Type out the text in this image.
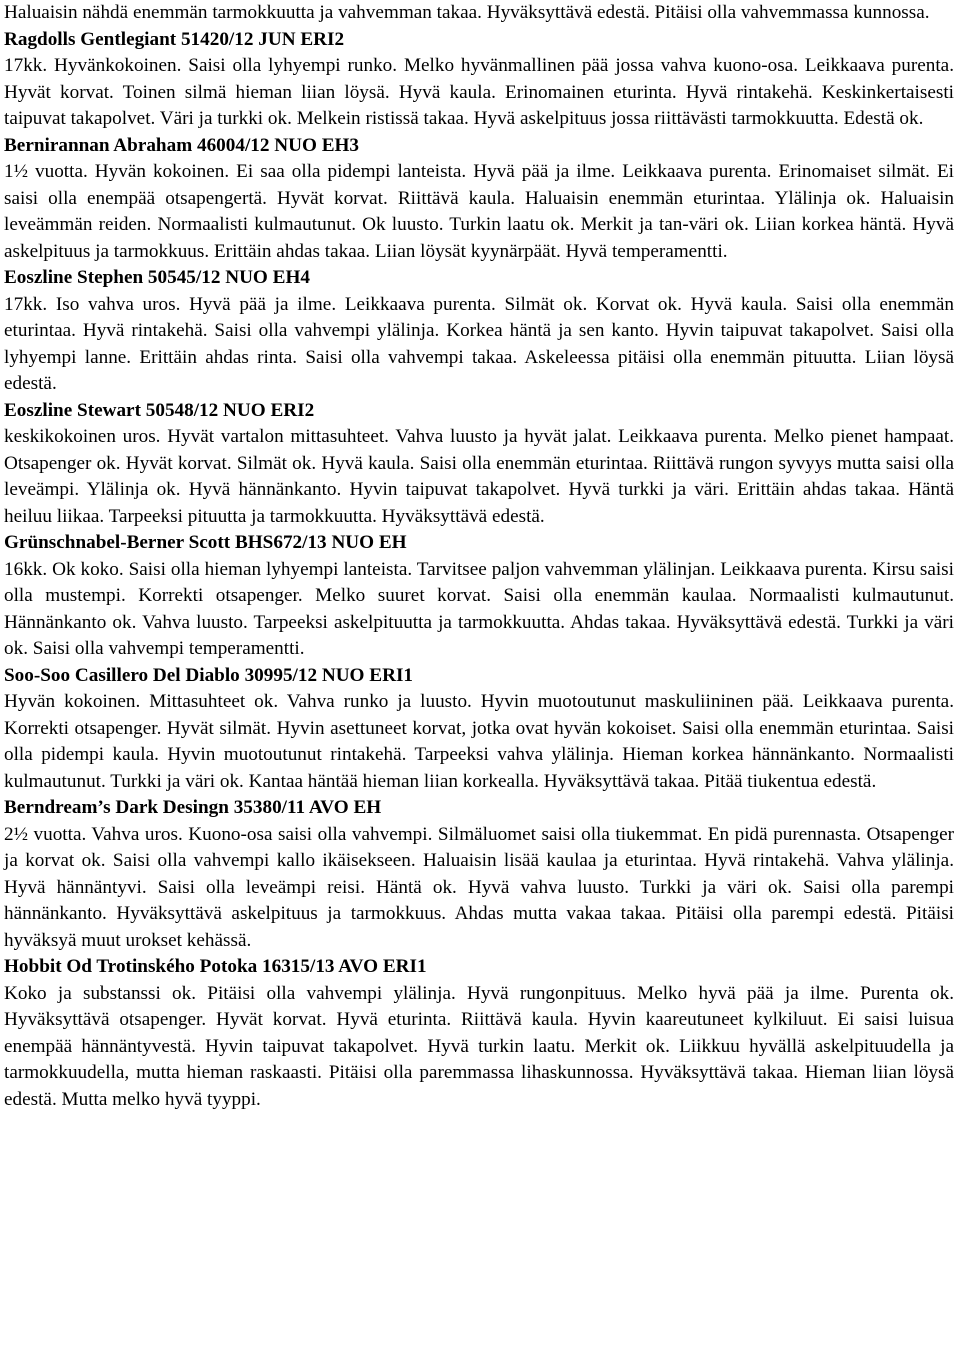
Haluaisin nähdä enemmän tarmokkuutta ja vahvemman takaa. Hyväksyttävä edestä. Pitäisi olla vahvemmassa kunnossa.

Ragdolls Gentlegiant 51420/12 JUN ERI2

17kk. Hyvänkokoinen. Saisi olla lyhyempi runko. Melko hyvänmallinen pää jossa vahva kuono-osa. Leikkaava purenta. Hyvät korvat. Toinen silmä hieman liian löysä. Hyvä kaula. Erinomainen eturinta. Hyvä rintakehä. Keskinkertaisesti taipuvat takapolvet. Väri ja turkki ok. Melkein ristissä takaa. Hyvä askelpituus jossa riittävästi tarmokkuutta. Edestä ok.

Bernirannan Abraham 46004/12 NUO EH3

1½ vuotta. Hyvän kokoinen. Ei saa olla pidempi lanteista. Hyvä pää ja ilme. Leikkaava purenta. Erinomaiset silmät. Ei saisi olla enempää otsapengertä. Hyvät korvat. Riittävä kaula. Haluaisin enemmän eturintaa. Ylälinja ok. Haluaisin leveämmän reiden. Normaalisti kulmautunut. Ok luusto. Turkin laatu ok. Merkit ja tan-väri ok. Liian korkea häntä. Hyvä askelpituus ja tarmokkuus. Erittäin ahdas takaa. Liian löysät kyynärpäät. Hyvä temperamentti.

Eoszline Stephen 50545/12 NUO EH4

17kk. Iso vahva uros. Hyvä pää ja ilme. Leikkaava purenta. Silmät ok. Korvat ok. Hyvä kaula. Saisi olla enemmän eturintaa. Hyvä rintakehä. Saisi olla vahvempi ylälinja. Korkea häntä ja sen kanto. Hyvin taipuvat takapolvet. Saisi olla lyhyempi lanne. Erittäin ahdas rinta. Saisi olla vahvempi takaa. Askeleessa pitäisi olla enemmän pituutta. Liian löysä edestä.

Eoszline Stewart 50548/12 NUO ERI2

keskikokoinen uros. Hyvät vartalon mittasuhteet. Vahva luusto ja hyvät jalat. Leikkaava purenta. Melko pienet hampaat. Otsapenger ok. Hyvät korvat. Silmät ok. Hyvä kaula. Saisi olla enemmän eturintaa. Riittävä rungon syvyys mutta saisi olla leveämpi. Ylälinja ok. Hyvä hännänkanto. Hyvin taipuvat takapolvet. Hyvä turkki ja väri. Erittäin ahdas takaa. Häntä heiluu liikaa. Tarpeeksi pituutta ja tarmokkuutta. Hyväksyttävä edestä.

Grünschnabel-Berner Scott BHS672/13 NUO EH

16kk. Ok koko. Saisi olla hieman lyhyempi lanteista. Tarvitsee paljon vahvemman ylälinjan. Leikkaava purenta. Kirsu saisi olla mustempi. Korrekti otsapenger. Melko suuret korvat. Saisi olla enemmän kaulaa. Normaalisti kulmautunut. Hännänkanto ok. Vahva luusto. Tarpeeksi askelpituutta ja tarmokkuutta. Ahdas takaa. Hyväksyttävä edestä. Turkki ja väri ok. Saisi olla vahvempi temperamentti.

Soo-Soo Casillero Del Diablo 30995/12 NUO ERI1

Hyvän kokoinen. Mittasuhteet ok. Vahva runko ja luusto. Hyvin muotoutunut maskuliininen pää. Leikkaava purenta. Korrekti otsapenger. Hyvät silmät. Hyvin asettuneet korvat, jotka ovat hyvän kokoiset. Saisi olla enemmän eturintaa. Saisi olla pidempi kaula. Hyvin muotoutunut rintakehä. Tarpeeksi vahva ylälinja. Hieman korkea hännänkanto. Normaalisti kulmautunut. Turkki ja väri ok. Kantaa häntää hieman liian korkealla. Hyväksyttävä takaa. Pitää tiukentua edestä.

Berndream’s Dark Desingn 35380/11 AVO EH

2½ vuotta. Vahva uros. Kuono-osa saisi olla vahvempi. Silmäluomet saisi olla tiukemmat. En pidä purennasta. Otsapenger ja korvat ok. Saisi olla vahvempi kallo ikäisekseen. Haluaisin lisää kaulaa ja eturintaa. Hyvä rintakehä. Vahva ylälinja. Hyvä hännäntyvi. Saisi olla leveämpi reisi. Häntä ok. Hyvä vahva luusto. Turkki ja väri ok. Saisi olla parempi hännänkanto. Hyväksyttävä askelpituus ja tarmokkuus. Ahdas mutta vakaa takaa. Pitäisi olla parempi edestä. Pitäisi hyväksyä muut urokset kehässä.

Hobbit Od Trotinského Potoka 16315/13 AVO ERI1

Koko ja substanssi ok. Pitäisi olla vahvempi ylälinja. Hyvä rungonpituus. Melko hyvä pää ja ilme. Purenta ok. Hyväksyttävä otsapenger. Hyvät korvat. Hyvä eturinta. Riittävä kaula. Hyvin kaareutuneet kylkiluut. Ei saisi luisua enempää hännäntyvestä. Hyvin taipuvat takapolvet. Hyvä turkin laatu. Merkit ok. Liikkuu hyvällä askelpituudella ja tarmokkuudella, mutta hieman raskaasti. Pitäisi olla paremmassa lihaskunnossa. Hyväksyttävä takaa. Hieman liian löysä edestä. Mutta melko hyvä tyyppi.
